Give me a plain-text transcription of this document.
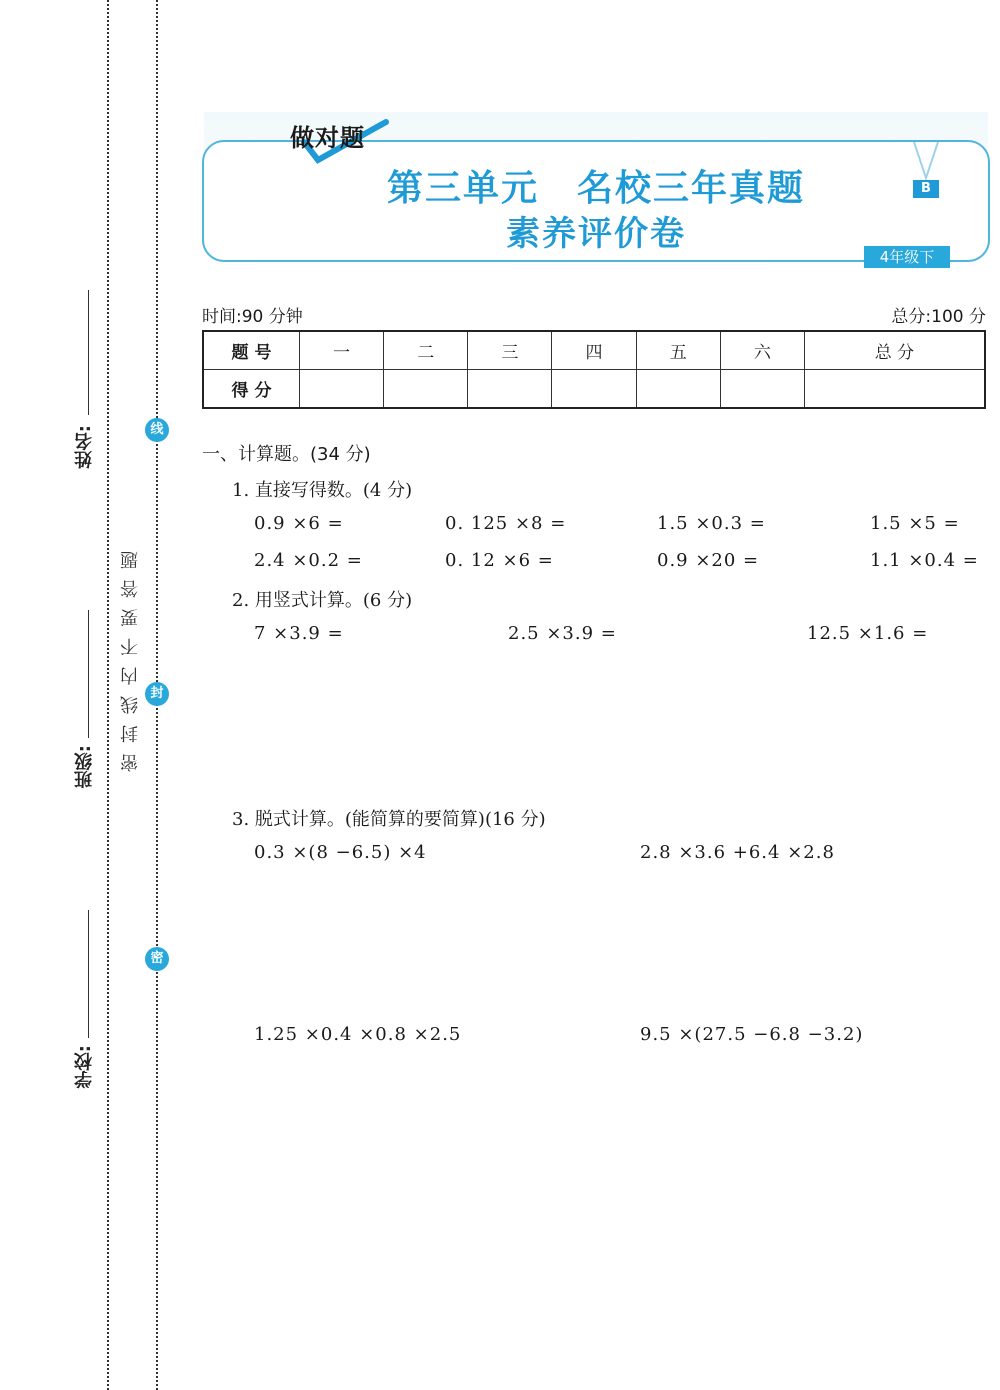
姓名:
班级:
学校:
密封线内不要答题
线
封
密
做对题
第三单元　名校三年真题
素养评价卷
B
4年级下
时间:90 分钟	总分:100 分
题 号	一	二	三	四	五	六	总 分
得 分							
一、计算题。(34 分)
1. 直接写得数。(4 分)
0.9 ×6 =	0. 125 ×8 =	1.5 ×0.3 =	1.5 ×5 =
2.4 ×0.2 =	0. 12 ×6 =	0.9 ×20 =	1.1 ×0.4 =
2. 用竖式计算。(6 分)
7 ×3.9 =	2.5 ×3.9 =	12.5 ×1.6 =
3. 脱式计算。(能简算的要简算)(16 分)
0.3 ×(8 −6.5) ×4	2.8 ×3.6 +6.4 ×2.8
1.25 ×0.4 ×0.8 ×2.5	9.5 ×(27.5 −6.8 −3.2)
